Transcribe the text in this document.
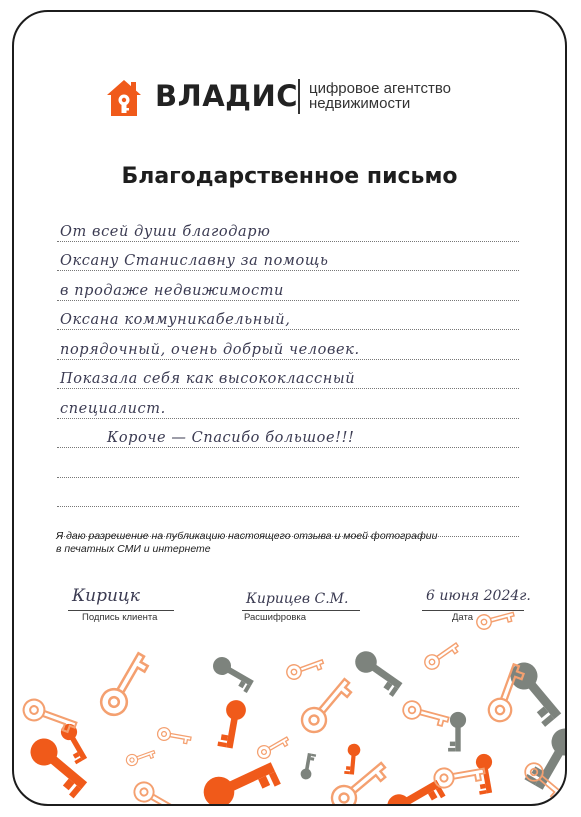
ВЛАДИС цифровое агентство
недвижимости
Благодарственное письмо
От всей души благодарю
Оксану Станиславну за помощь
в продаже недвижимости
Оксана коммуникабельный,
порядочный, очень добрый человек.
Показала себя как высококлассный
специалист.
Короче — Спасибо большое!!!
Я даю разрешение на публикацию настоящего отзыва и моей фотографии
в печатных СМИ и интернете
Кирицк
Подпись клиента
Кирицев С.М.
Расшифровка
6 июня 2024г.
Дата
